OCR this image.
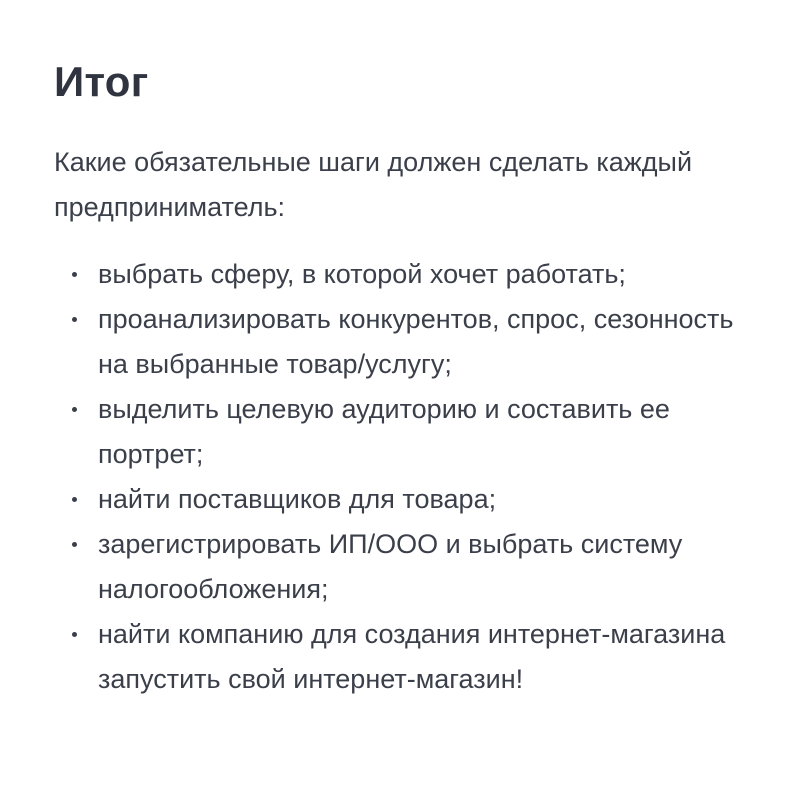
Итог

Какие обязательные шаги должен сделать каждый предприниматель:

выбрать сферу, в которой хочет работать;
проанализировать конкурентов, спрос, сезонность на выбранные товар/услугу;
выделить целевую аудиторию и составить ее портрет;
найти поставщиков для товара;
зарегистрировать ИП/ООО и выбрать систему налогообложения;
найти компанию для создания интернет-магазина запустить свой интернет-магазин!
